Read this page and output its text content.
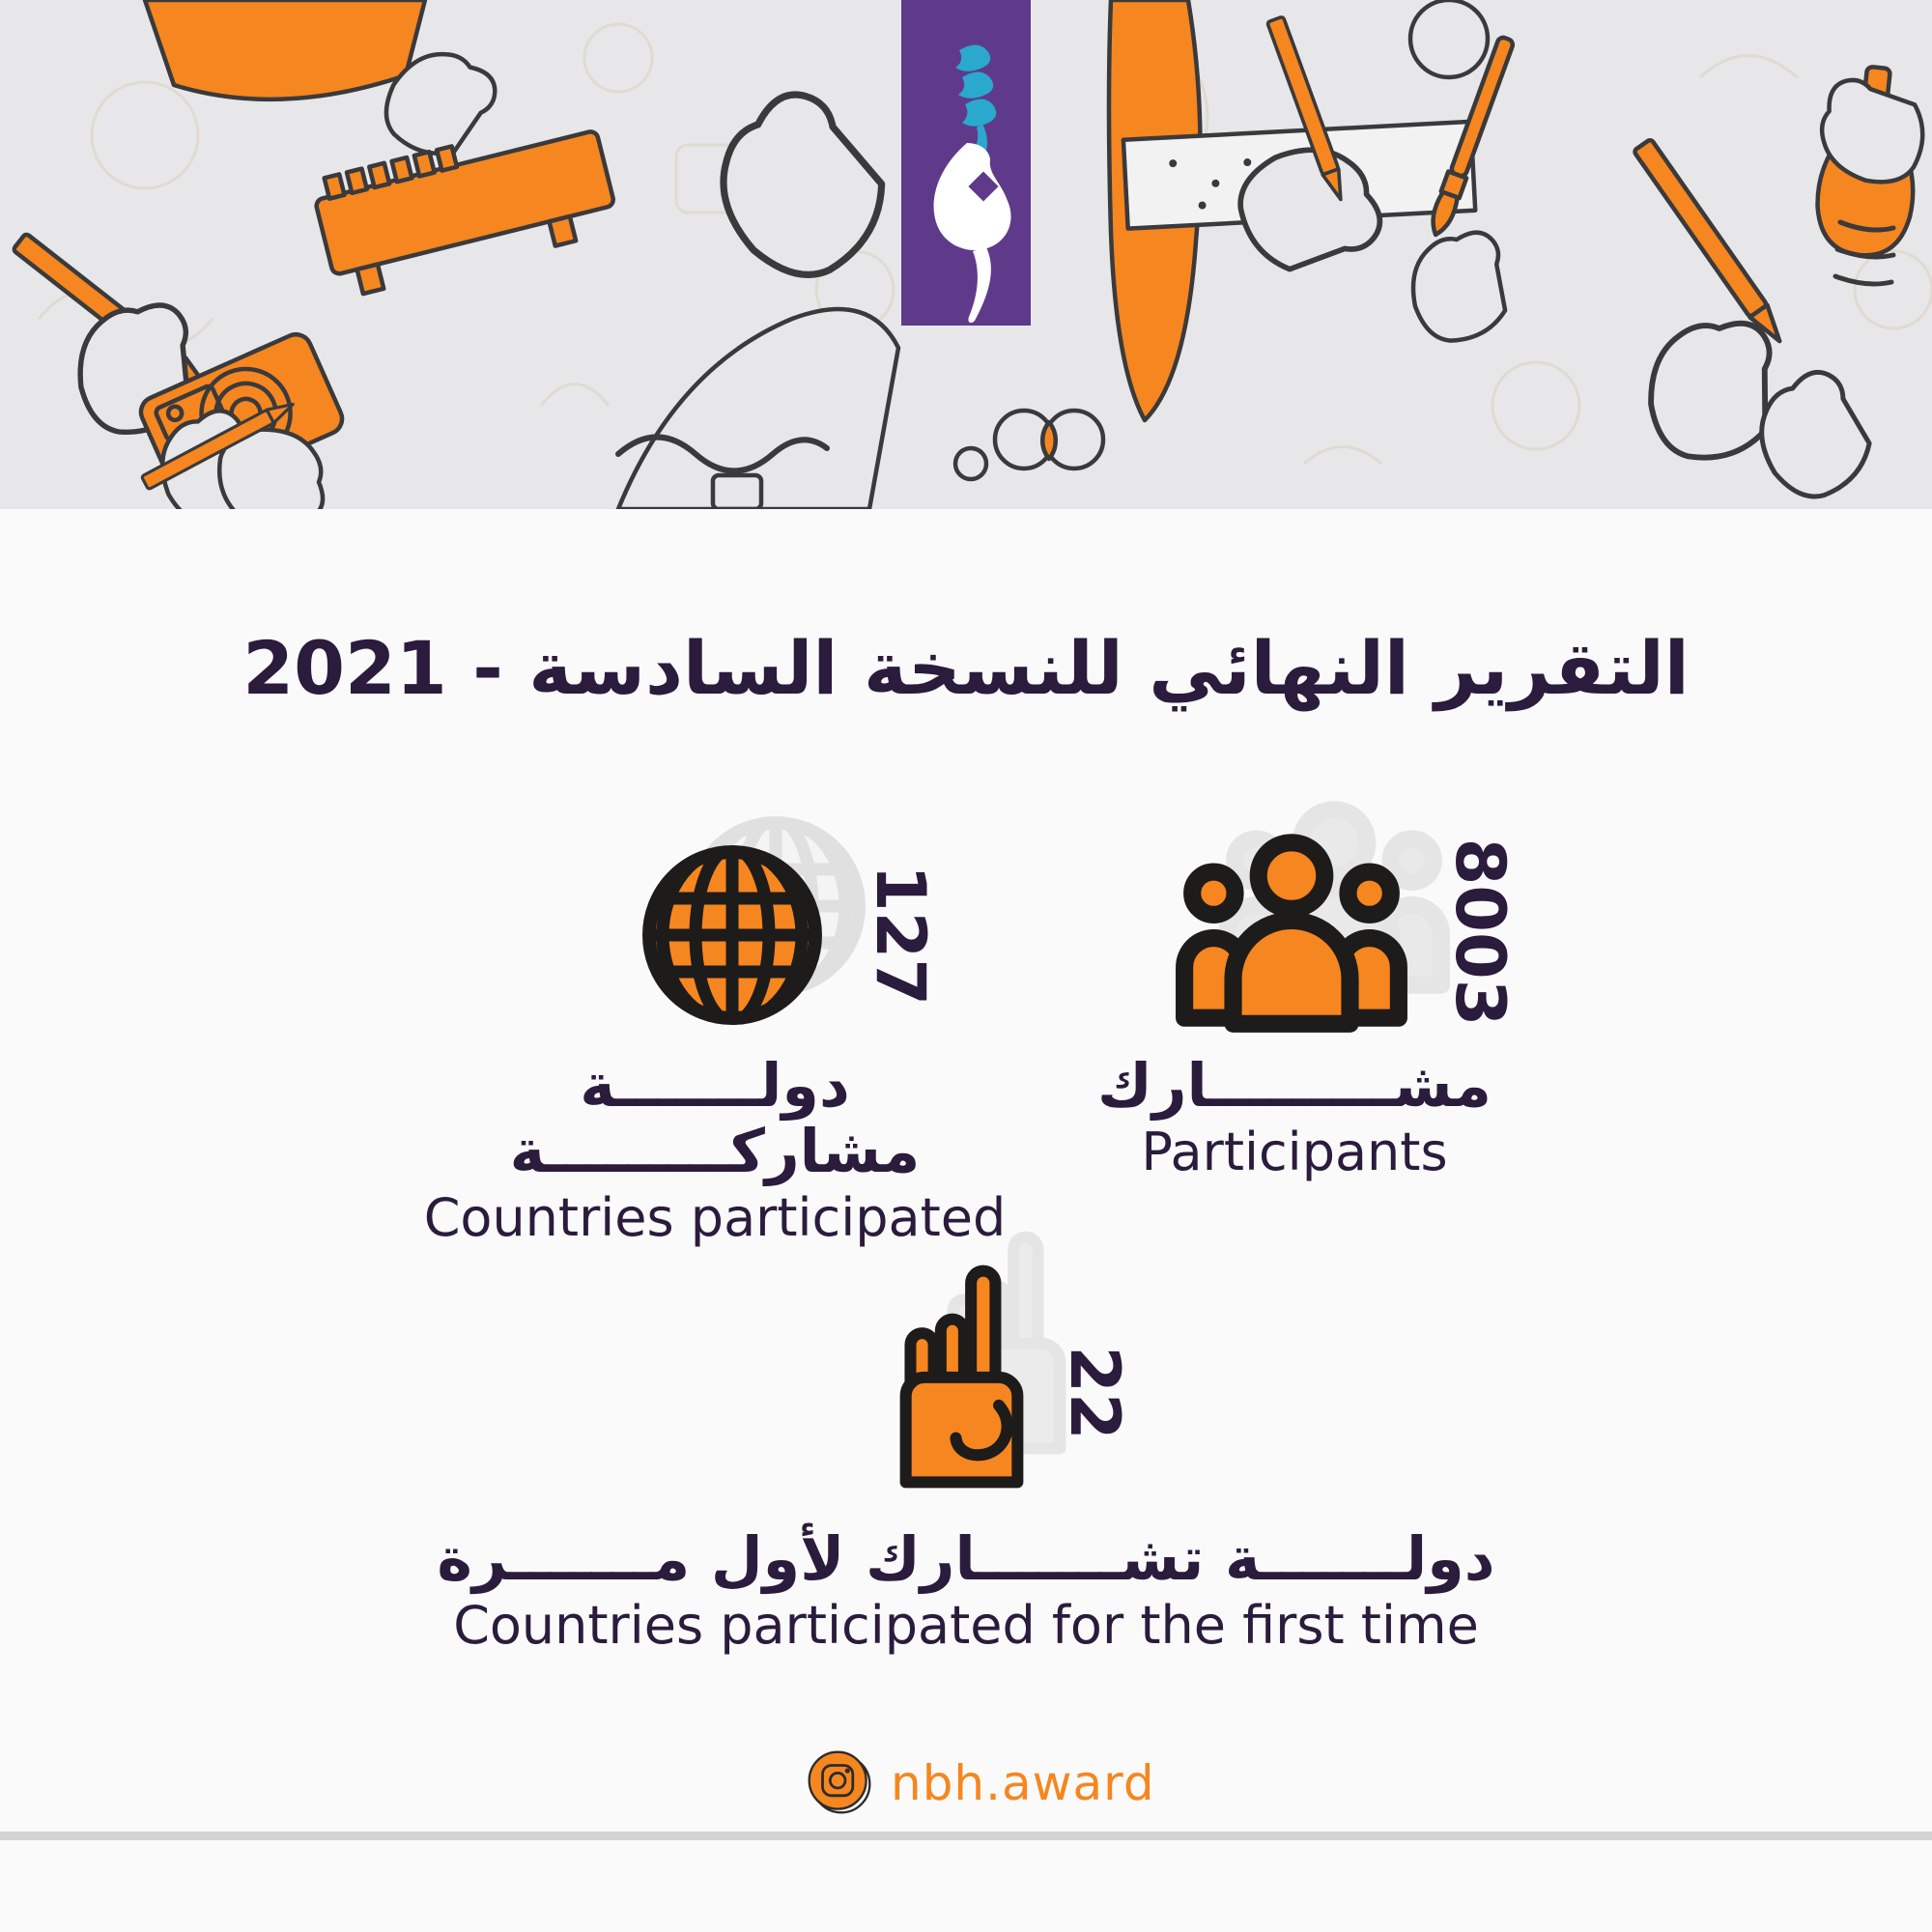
التقرير النهائي للنسخة السادسة - 2021
127
دولـــــــة مشاركـــــــــة
Countries participated
8003
مشـــــــــارك
Participants
22
دولـــــــة تشـــــــارك لأول مـــــــرة
Countries participated for the first time
nbh.award
